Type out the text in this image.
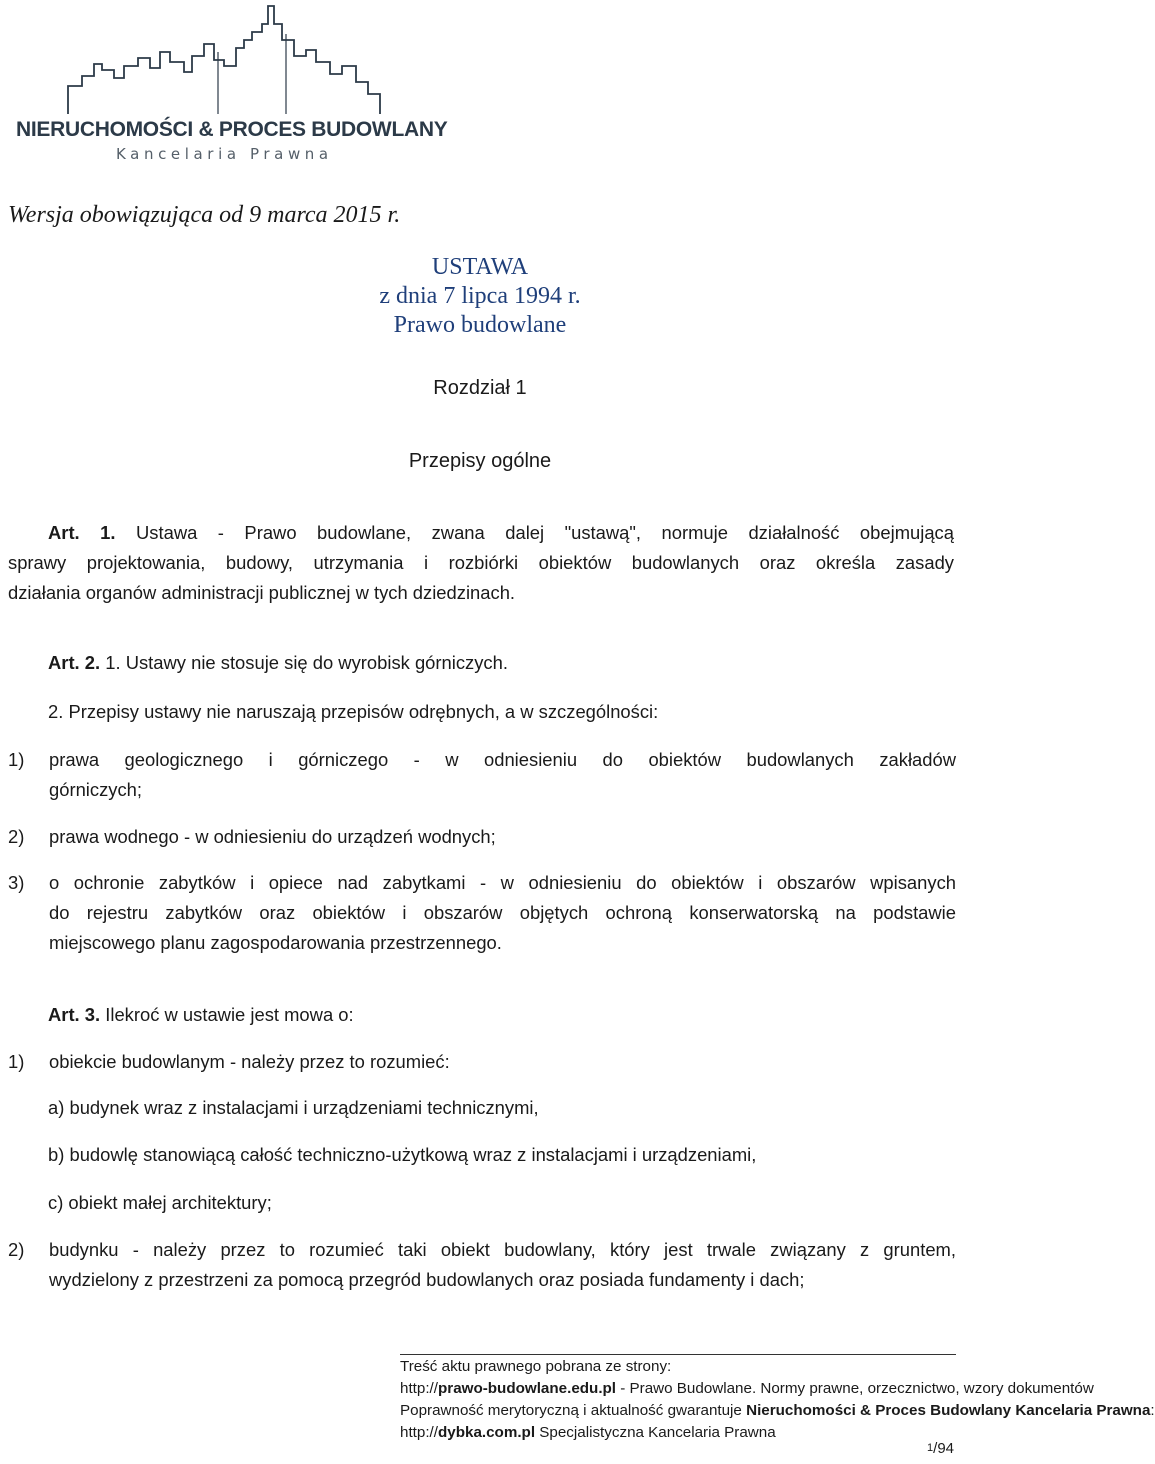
NIERUCHOMOŚCI & PROCES BUDOWLANY
Kancelaria Prawna
Wersja obowiązująca od 9 marca 2015 r.
USTAWA
z dnia 7 lipca 1994 r.
Prawo budowlane
Rozdział 1
Przepisy ogólne
Art. 1. Ustawa - Prawo budowlane, zwana dalej "ustawą", normuje działalność obejmującą
sprawy projektowania, budowy, utrzymania i rozbiórki obiektów budowlanych oraz określa zasady
działania organów administracji publicznej w tych dziedzinach.
Art. 2. 1. Ustawy nie stosuje się do wyrobisk górniczych.
2. Przepisy ustawy nie naruszają przepisów odrębnych, a w szczególności:
1) prawa geologicznego i górniczego - w odniesieniu do obiektów budowlanych zakładów
górniczych;
2) prawa wodnego - w odniesieniu do urządzeń wodnych;
3) o ochronie zabytków i opiece nad zabytkami - w odniesieniu do obiektów i obszarów wpisanych
do rejestru zabytków oraz obiektów i obszarów objętych ochroną konserwatorską na podstawie
miejscowego planu zagospodarowania przestrzennego.
Art. 3. Ilekroć w ustawie jest mowa o:
1) obiekcie budowlanym - należy przez to rozumieć:
a) budynek wraz z instalacjami i urządzeniami technicznymi,
b) budowlę stanowiącą całość techniczno-użytkową wraz z instalacjami i urządzeniami,
c) obiekt małej architektury;
2) budynku - należy przez to rozumieć taki obiekt budowlany, który jest trwale związany z gruntem,
wydzielony z przestrzeni za pomocą przegród budowlanych oraz posiada fundamenty i dach;
Treść aktu prawnego pobrana ze strony:
http://prawo-budowlane.edu.pl - Prawo Budowlane. Normy prawne, orzecznictwo, wzory dokumentów
Poprawność merytoryczną i aktualność gwarantuje Nieruchomości & Proces Budowlany Kancelaria Prawna:
http://dybka.com.pl Specjalistyczna Kancelaria Prawna
$^1$/94
